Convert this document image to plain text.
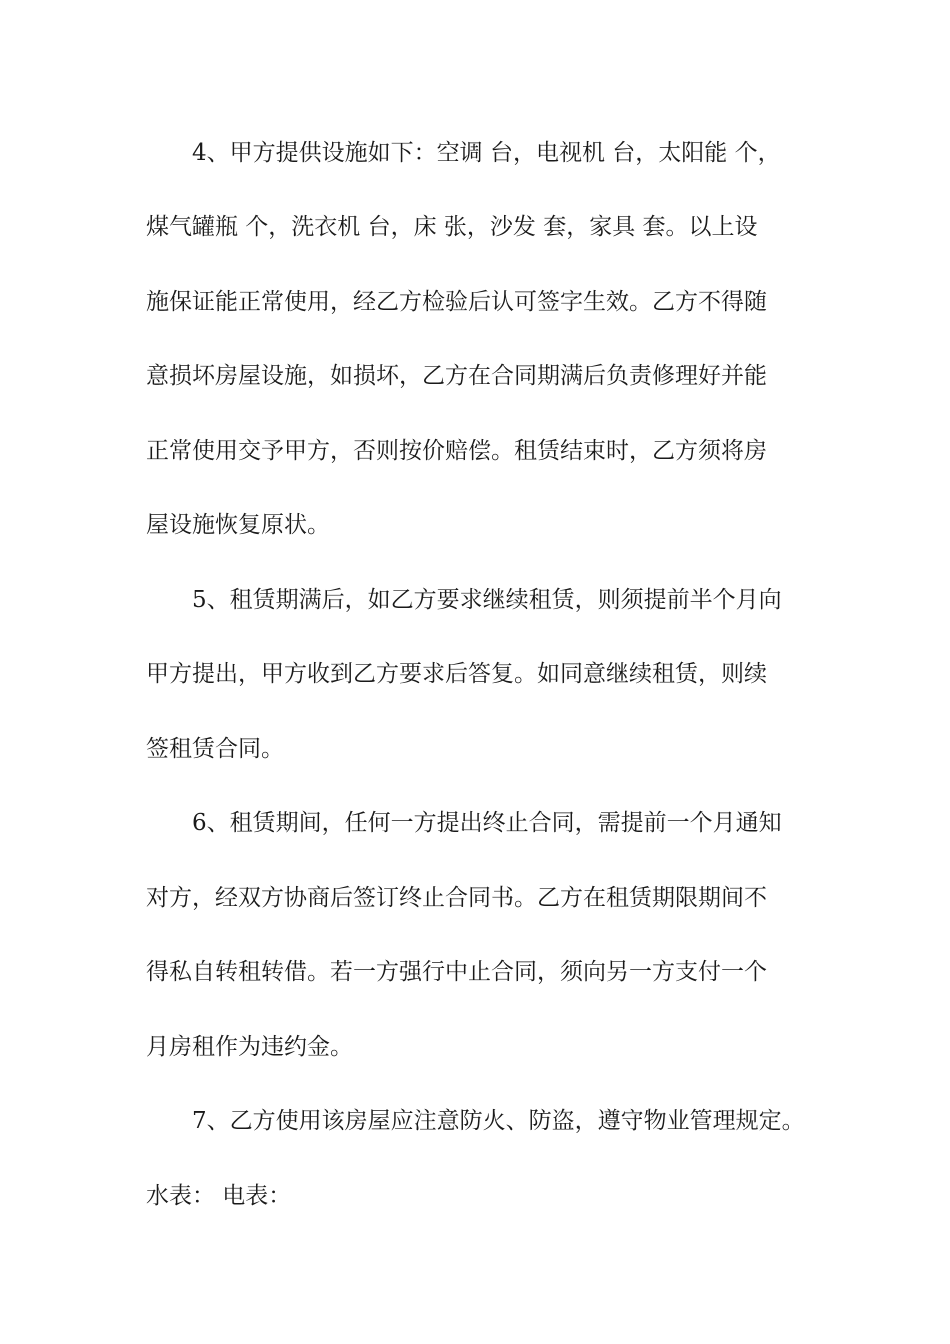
4、甲方提供设施如下：空调 台，电视机 台，太阳能 个，
煤气罐瓶 个，洗衣机 台，床 张，沙发 套，家具 套。以上设
施保证能正常使用，经乙方检验后认可签字生效。乙方不得随
意损坏房屋设施，如损坏，乙方在合同期满后负责修理好并能
正常使用交予甲方，否则按价赔偿。租赁结束时，乙方须将房
屋设施恢复原状。
5、租赁期满后，如乙方要求继续租赁，则须提前半个月向
甲方提出，甲方收到乙方要求后答复。如同意继续租赁，则续
签租赁合同。
6、租赁期间，任何一方提出终止合同，需提前一个月通知
对方，经双方协商后签订终止合同书。乙方在租赁期限期间不
得私自转租转借。若一方强行中止合同，须向另一方支付一个
月房租作为违约金。
7、乙方使用该房屋应注意防火、防盗，遵守物业管理规定。
水表： 电表：
